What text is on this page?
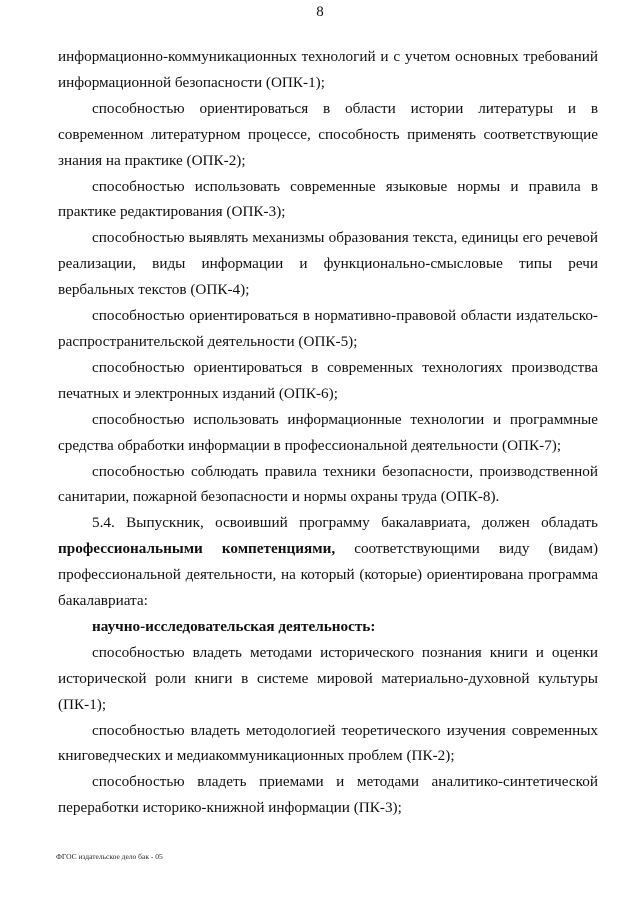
8

информационно-коммуникационных технологий и с учетом основных требований информационной безопасности (ОПК-1);

способностью ориентироваться в области истории литературы и в современном литературном процессе, способность применять соответствующие знания на практике (ОПК-2);

способностью использовать современные языковые нормы и правила в практике редактирования (ОПК-3);

способностью выявлять механизмы образования текста, единицы его речевой реализации, виды информации и функционально-смысловые типы речи вербальных текстов (ОПК-4);

способностью ориентироваться в нормативно-правовой области издательско-распространительской деятельности (ОПК-5);

способностью ориентироваться в современных технологиях производства печатных и электронных изданий (ОПК-6);

способностью использовать информационные технологии и программные средства обработки информации в профессиональной деятельности (ОПК-7);

способностью соблюдать правила техники безопасности, производственной санитарии, пожарной безопасности и нормы охраны труда (ОПК-8).

5.4. Выпускник, освоивший программу бакалавриата, должен обладать профессиональными компетенциями, соответствующими виду (видам) профессиональной деятельности, на который (которые) ориентирована программа бакалавриата:

научно-исследовательская деятельность:

способностью владеть методами исторического познания книги и оценки исторической роли книги в системе мировой материально-духовной культуры (ПК-1);

способностью владеть методологией теоретического изучения современных книговедческих и медиакоммуникационных проблем (ПК-2);

способностью владеть приемами и методами аналитико-синтетической переработки историко-книжной информации (ПК-3);

ФГОС издательское дело бак - 05
